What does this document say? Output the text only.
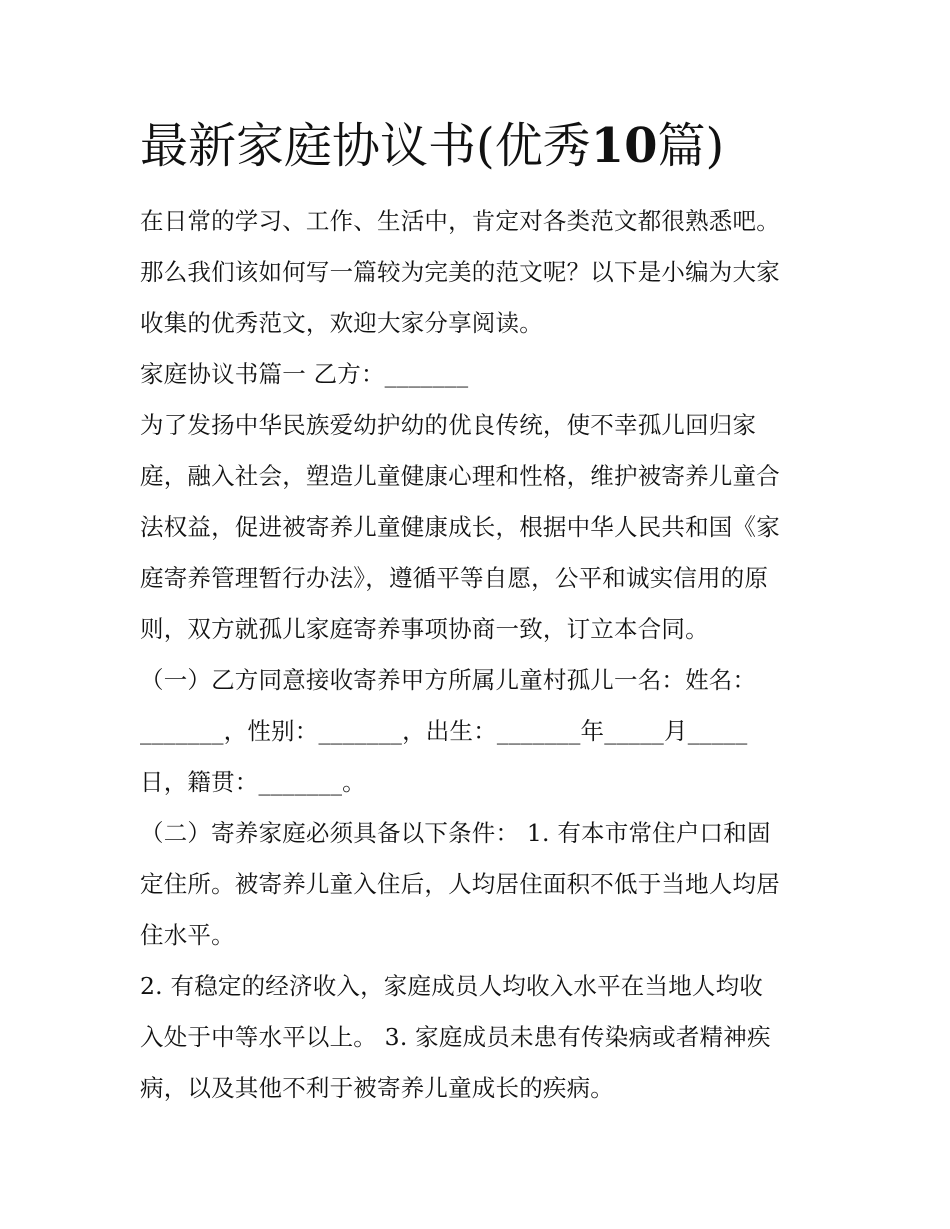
最新家庭协议书(优秀10篇)

在日常的学习、工作、生活中，肯定对各类范文都很熟悉吧。
那么我们该如何写一篇较为完美的范文呢？以下是小编为大家
收集的优秀范文，欢迎大家分享阅读。

家庭协议书篇一 乙方：_______

为了发扬中华民族爱幼护幼的优良传统，使不幸孤儿回归家
庭，融入社会，塑造儿童健康心理和性格，维护被寄养儿童合
法权益，促进被寄养儿童健康成长，根据中华人民共和国《家
庭寄养管理暂行办法》，遵循平等自愿，公平和诚实信用的原
则，双方就孤儿家庭寄养事项协商一致，订立本合同。

（一）乙方同意接收寄养甲方所属儿童村孤儿一名：姓名：
_______，性别：_______，出生：_______年_____月_____
日，籍贯：_______。

（二）寄养家庭必须具备以下条件： 1. 有本市常住户口和固
定住所。被寄养儿童入住后，人均居住面积不低于当地人均居
住水平。

2. 有稳定的经济收入，家庭成员人均收入水平在当地人均收
入处于中等水平以上。 3. 家庭成员未患有传染病或者精神疾
病，以及其他不利于被寄养儿童成长的疾病。
